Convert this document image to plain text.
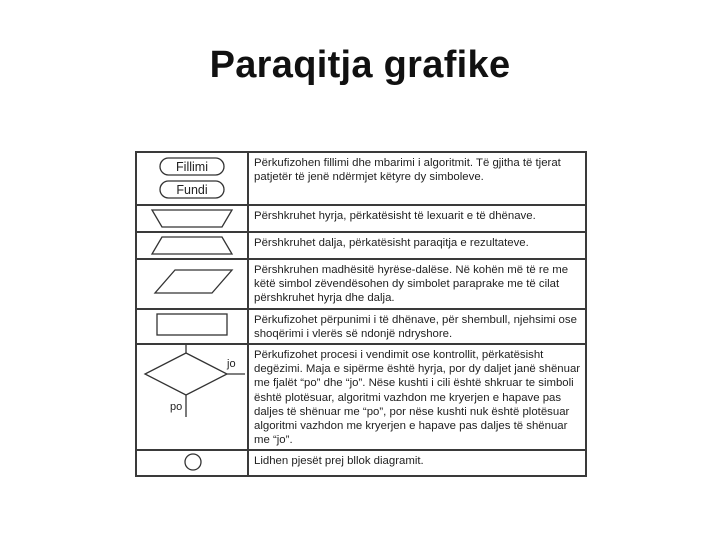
Paraqitja grafike
Fillimi
Fundi	Përkufizohen fillimi dhe mbarimi i algoritmit. Të gjitha të tjerat patjetër të jenë ndërmjet këtyre dy simboleve.

	Përshkruhet hyrja, përkatësisht të lexuarit e të dhënave.

	Përshkruhet dalja, përkatësisht paraqitja e rezultateve.

	Përshkruhen madhësitë hyrëse-dalëse. Në kohën më të re me këtë simbol zëvendësohen dy simbolet paraprake me të cilat përshkruhet hyrja dhe dalja.

	Përkufizohet përpunimi i të dhënave, për shembull, njehsimi ose shoqërimi i vlerës së ndonjë ndryshore.

jo
po	Përkufizohet procesi i vendimit ose kontrollit, përkatësisht degëzimi. Maja e sipërme është hyrja, por dy daljet janë shënuar me fjalët “po” dhe “jo”. Nëse kushti i cili është shkruar te simboli është plotësuar, algoritmi vazhdon me kryerjen e hapave pas daljes të shënuar me “po”, por nëse kushti nuk është plotësuar algoritmi vazhdon me kryerjen e hapave pas daljes të shënuar me “jo”.

	Lidhen pjesët prej bllok diagramit.
